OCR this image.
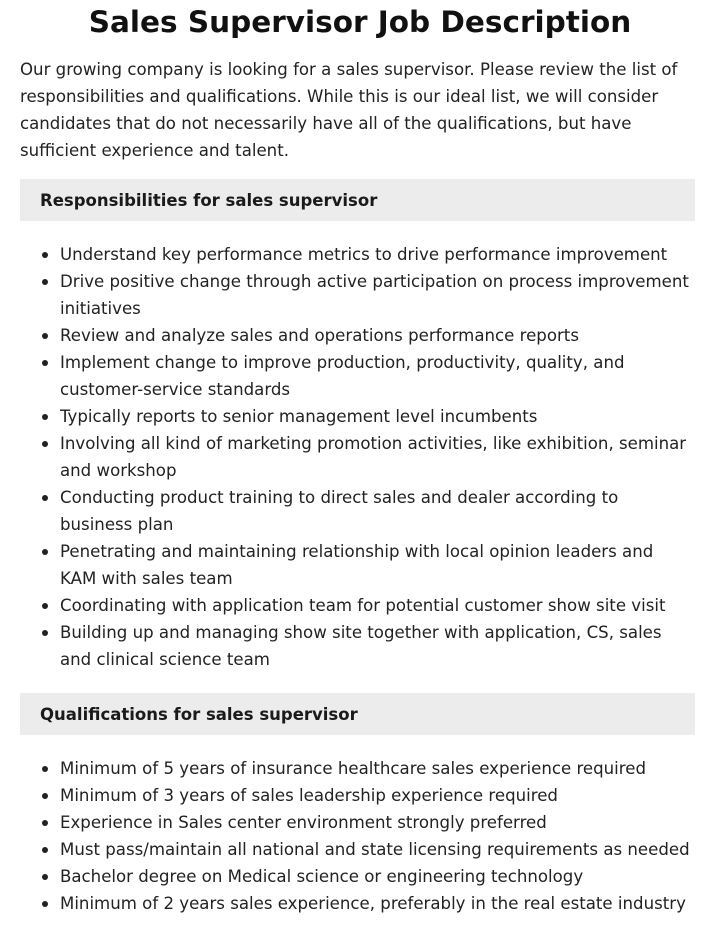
Sales Supervisor Job Description

Our growing company is looking for a sales supervisor. Please review the list of responsibilities and qualifications. While this is our ideal list, we will consider candidates that do not necessarily have all of the qualifications, but have sufficient experience and talent.

Responsibilities for sales supervisor
Understand key performance metrics to drive performance improvement
Drive positive change through active participation on process improvement initiatives
Review and analyze sales and operations performance reports
Implement change to improve production, productivity, quality, and customer-service standards
Typically reports to senior management level incumbents
Involving all kind of marketing promotion activities, like exhibition, seminar and workshop
Conducting product training to direct sales and dealer according to business plan
Penetrating and maintaining relationship with local opinion leaders and KAM with sales team
Coordinating with application team for potential customer show site visit
Building up and managing show site together with application, CS, sales and clinical science team
Qualifications for sales supervisor
Minimum of 5 years of insurance healthcare sales experience required
Minimum of 3 years of sales leadership experience required
Experience in Sales center environment strongly preferred
Must pass/maintain all national and state licensing requirements as needed
Bachelor degree on Medical science or engineering technology
Minimum of 2 years sales experience, preferably in the real estate industry
